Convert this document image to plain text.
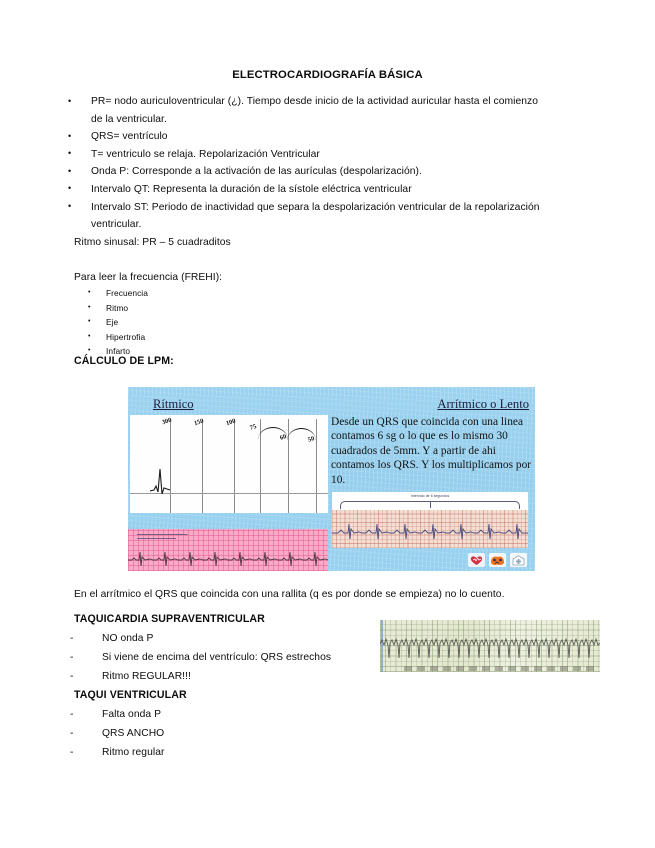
ELECTROCARDIOGRAFÍA BÁSICA
• PR= nodo auriculoventricular (¿). Tiempo desde inicio de la actividad auricular hasta el comienzo de la ventricular.
• QRS= ventrículo
• T= ventriculo se relaja. Repolarización Ventricular
• Onda P: Corresponde a la activación de las aurículas (despolarización).
• Intervalo QT: Representa la duración de la sístole eléctrica ventricular
• Intervalo ST: Periodo de inactividad que separa la despolarización ventricular de la repolarización ventricular.
Ritmo sinusal: PR – 5 cuadraditos
Para leer la frecuencia (FREHI):
• Frecuencia
• Ritmo
• Eje
• Hipertrofia
• Infarto
CÁLCULO DE LPM:
Rítmico	Arrítmico o Lento
300	150	100
75
60	50
Desde un QRS que coincida con una linea contamos 6 sg o lo que es lo mismo 30 cuadrados de 5mm. Y a partir de ahi contamos los QRS. Y los multiplicamos por 10.
Intervalo de 6 segundos
En el arrítmico el QRS que coincida con una rallita (q es por donde se empieza) no lo cuento.
TAQUICARDIA SUPRAVENTRICULAR
- NO onda P
- Si viene de encima del ventrículo: QRS estrechos
- Ritmo REGULAR!!!
TAQUI VENTRICULAR
- Falta onda P
- QRS ANCHO
- Ritmo regular
